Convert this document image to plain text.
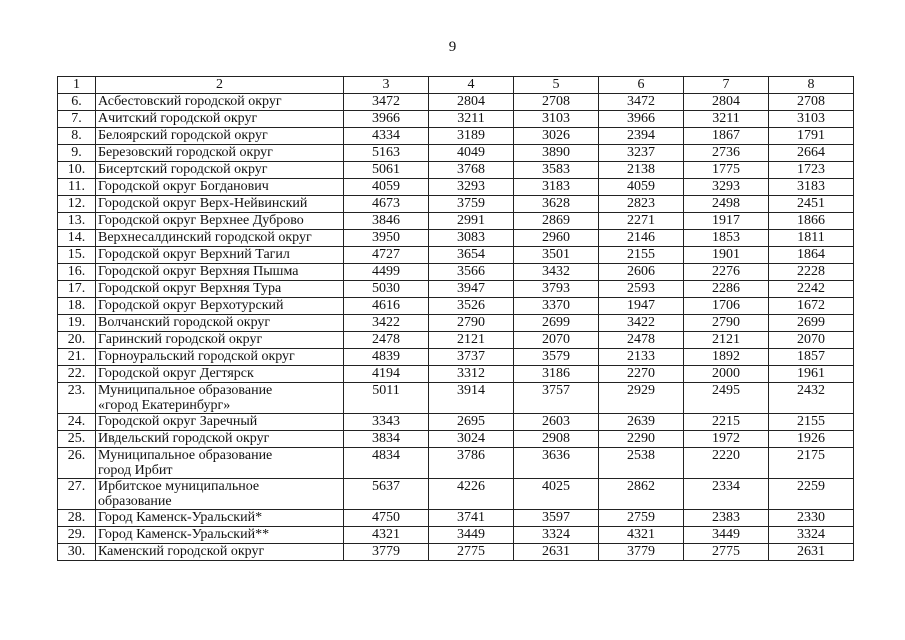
9
1	2	3	4	5	6	7	8
6.	Асбестовский городской округ	3472	2804	2708	3472	2804	2708
7.	Ачитский городской округ	3966	3211	3103	3966	3211	3103
8.	Белоярский городской округ	4334	3189	3026	2394	1867	1791
9.	Березовский городской округ	5163	4049	3890	3237	2736	2664
10.	Бисертский городской округ	5061	3768	3583	2138	1775	1723
11.	Городской округ Богданович	4059	3293	3183	4059	3293	3183
12.	Городской округ Верх-Нейвинский	4673	3759	3628	2823	2498	2451
13.	Городской округ Верхнее Дуброво	3846	2991	2869	2271	1917	1866
14.	Верхнесалдинский городской округ	3950	3083	2960	2146	1853	1811
15.	Городской округ Верхний Тагил	4727	3654	3501	2155	1901	1864
16.	Городской округ Верхняя Пышма	4499	3566	3432	2606	2276	2228
17.	Городской округ Верхняя Тура	5030	3947	3793	2593	2286	2242
18.	Городской округ Верхотурский	4616	3526	3370	1947	1706	1672
19.	Волчанский городской округ	3422	2790	2699	3422	2790	2699
20.	Гаринский городской округ	2478	2121	2070	2478	2121	2070
21.	Горноуральский городской округ	4839	3737	3579	2133	1892	1857
22.	Городской округ Дегтярск	4194	3312	3186	2270	2000	1961
23.	Муниципальное образование
«город Екатеринбург»	5011	3914	3757	2929	2495	2432
24.	Городской округ Заречный	3343	2695	2603	2639	2215	2155
25.	Ивдельский городской округ	3834	3024	2908	2290	1972	1926
26.	Муниципальное образование
город Ирбит	4834	3786	3636	2538	2220	2175
27.	Ирбитское муниципальное
образование	5637	4226	4025	2862	2334	2259
28.	Город Каменск-Уральский*	4750	3741	3597	2759	2383	2330
29.	Город Каменск-Уральский**	4321	3449	3324	4321	3449	3324
30.	Каменский городской округ	3779	2775	2631	3779	2775	2631
